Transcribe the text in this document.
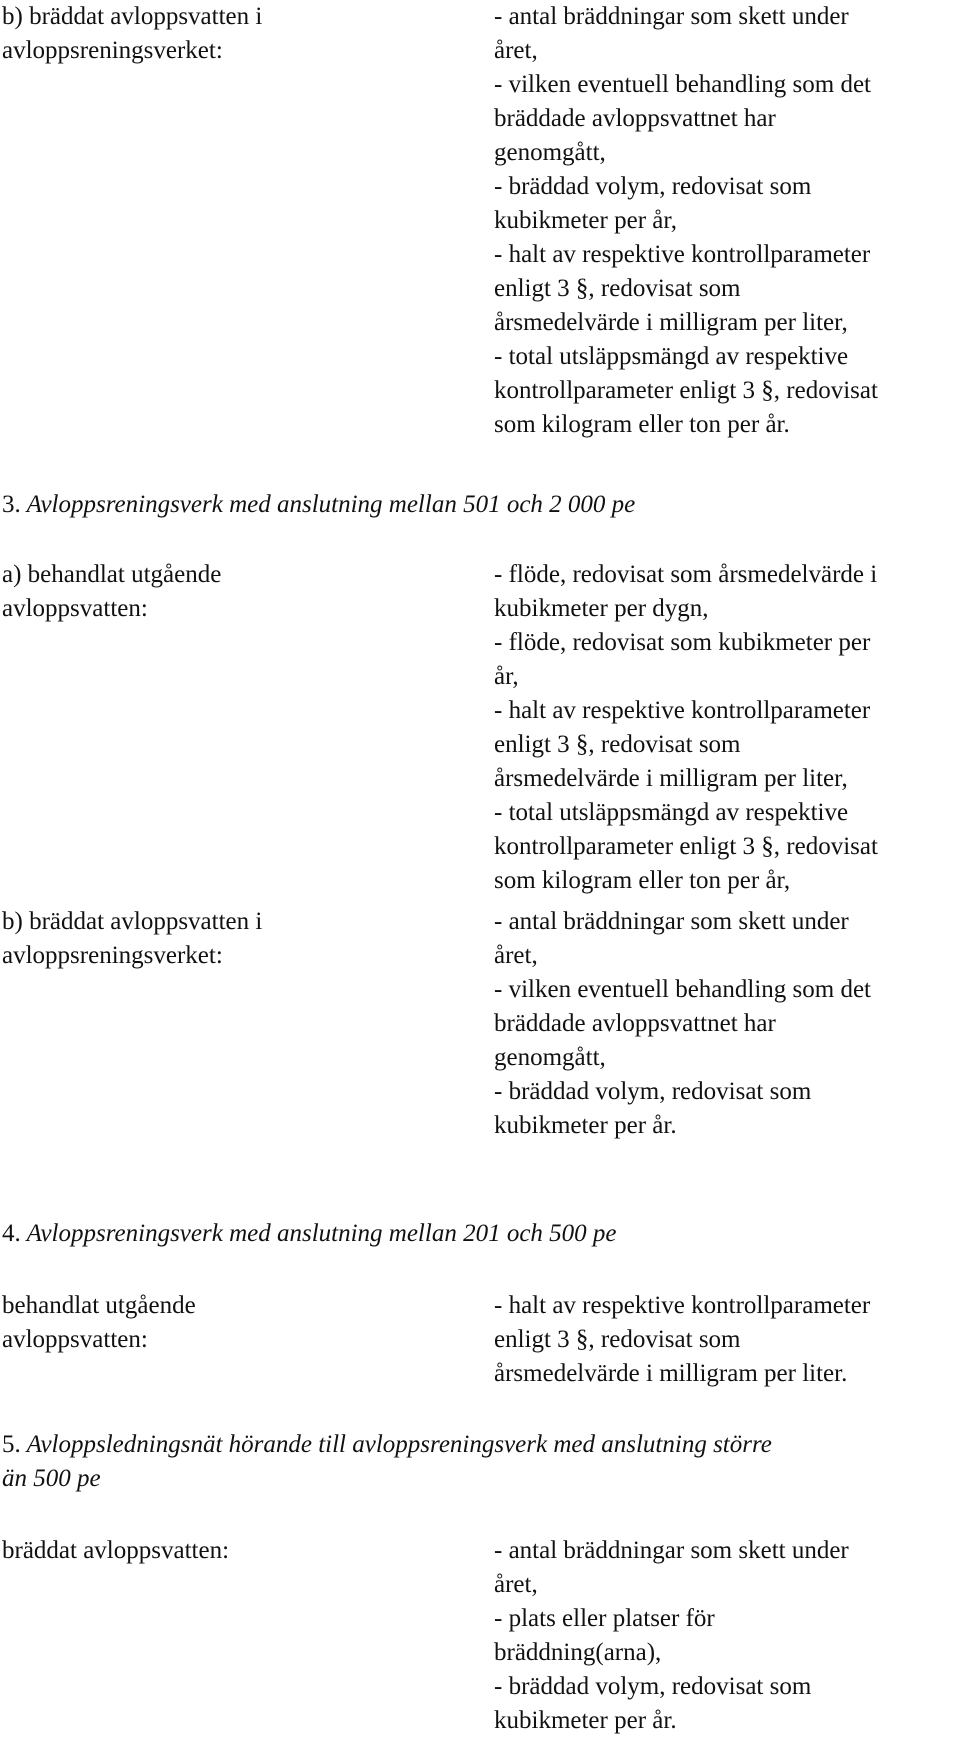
b) bräddat avloppsvatten i
avloppsreningsverket:
- antal bräddningar som skett under
året,
- vilken eventuell behandling som det
bräddade avloppsvattnet har
genomgått,
- bräddad volym, redovisat som
kubikmeter per år,
- halt av respektive kontrollparameter
enligt 3 §, redovisat som
årsmedelvärde i milligram per liter,
- total utsläppsmängd av respektive
kontrollparameter enligt 3 §, redovisat
som kilogram eller ton per år.
3. Avloppsreningsverk med anslutning mellan 501 och 2 000 pe
a) behandlat utgående
avloppsvatten:
- flöde, redovisat som årsmedelvärde i
kubikmeter per dygn,
- flöde, redovisat som kubikmeter per
år,
- halt av respektive kontrollparameter
enligt 3 §, redovisat som
årsmedelvärde i milligram per liter,
- total utsläppsmängd av respektive
kontrollparameter enligt 3 §, redovisat
som kilogram eller ton per år,
b) bräddat avloppsvatten i
avloppsreningsverket:
- antal bräddningar som skett under
året,
- vilken eventuell behandling som det
bräddade avloppsvattnet har
genomgått,
- bräddad volym, redovisat som
kubikmeter per år.
4. Avloppsreningsverk med anslutning mellan 201 och 500 pe
behandlat utgående
avloppsvatten:
- halt av respektive kontrollparameter
enligt 3 §, redovisat som
årsmedelvärde i milligram per liter.
5. Avloppsledningsnät hörande till avloppsreningsverk med anslutning större
än 500 pe
bräddat avloppsvatten:	- antal bräddningar som skett under
året,
- plats eller platser för
bräddning(arna),
- bräddad volym, redovisat som
kubikmeter per år.
